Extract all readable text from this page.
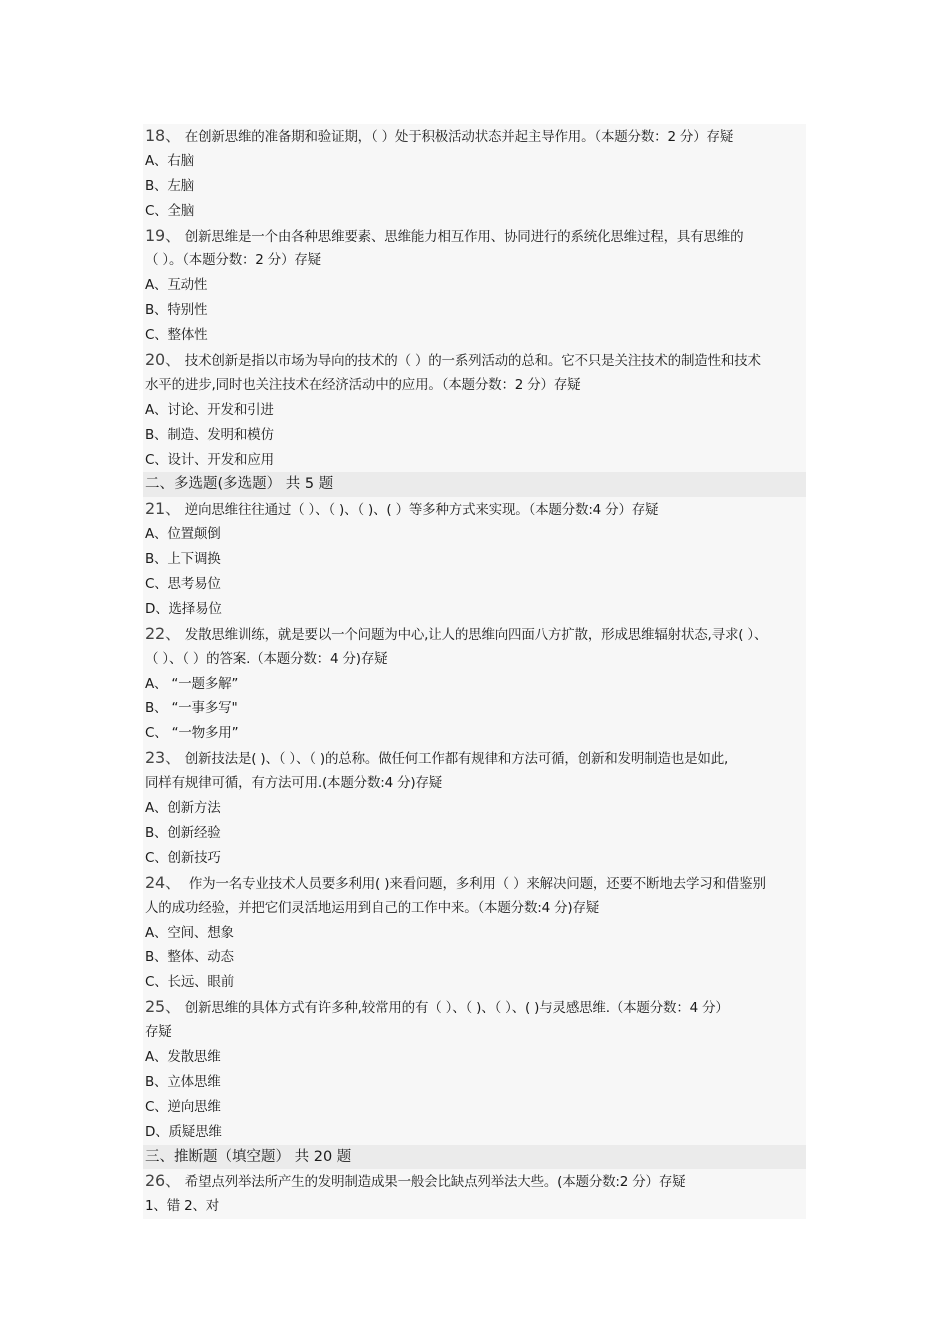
18、 在创新思维的准备期和验证期，（ ）处于积极活动状态并起主导作用。（本题分数：2 分）存疑
A、右脑
B、左脑
C、全脑
19、 创新思维是一个由各种思维要素、思维能力相互作用、协同进行的系统化思维过程，具有思维的
（ ）。（本题分数：2 分）存疑
A、互动性
B、特别性
C、整体性
20、 技术创新是指以市场为导向的技术的（ ）的一系列活动的总和。它不只是关注技术的制造性和技术
水平的进步,同时也关注技术在经济活动中的应用。（本题分数：2 分）存疑
A、讨论、开发和引进
B、制造、发明和模仿
C、设计、开发和应用
二、多选题(多选题） 共 5 题
21、 逆向思维往往通过（ ）、（ )、（ )、( ）等多种方式来实现。（本题分数:4 分）存疑
A、位置颠倒
B、上下调换
C、思考易位
D、选择易位
22、 发散思维训练，就是要以一个问题为中心,让人的思维向四面八方扩散，形成思维辐射状态,寻求( ）、
（ ）、（ ）的答案.（本题分数：4 分)存疑
A、 “一题多解”
B、 “一事多写"
C、 “一物多用”
23、 创新技法是( )、（ ）、（ )的总称。做任何工作都有规律和方法可循，创新和发明制造也是如此,
同样有规律可循，有方法可用.(本题分数:4 分)存疑
A、创新方法
B、创新经验
C、创新技巧
24、 作为一名专业技术人员要多利用( )来看问题，多利用（ ）来解决问题，还要不断地去学习和借鉴别
人的成功经验，并把它们灵活地运用到自己的工作中来。（本题分数:4 分)存疑
A、空间、想象
B、整体、动态
C、长远、眼前
25、 创新思维的具体方式有许多种,较常用的有（ ）、（ )、（ ）、( )与灵感思维.（本题分数：4 分）
存疑
A、发散思维
B、立体思维
C、逆向思维
D、质疑思维
三、推断题（填空题） 共 20 题
26、 希望点列举法所产生的发明制造成果一般会比缺点列举法大些。(本题分数:2 分）存疑
1、错 2、对
